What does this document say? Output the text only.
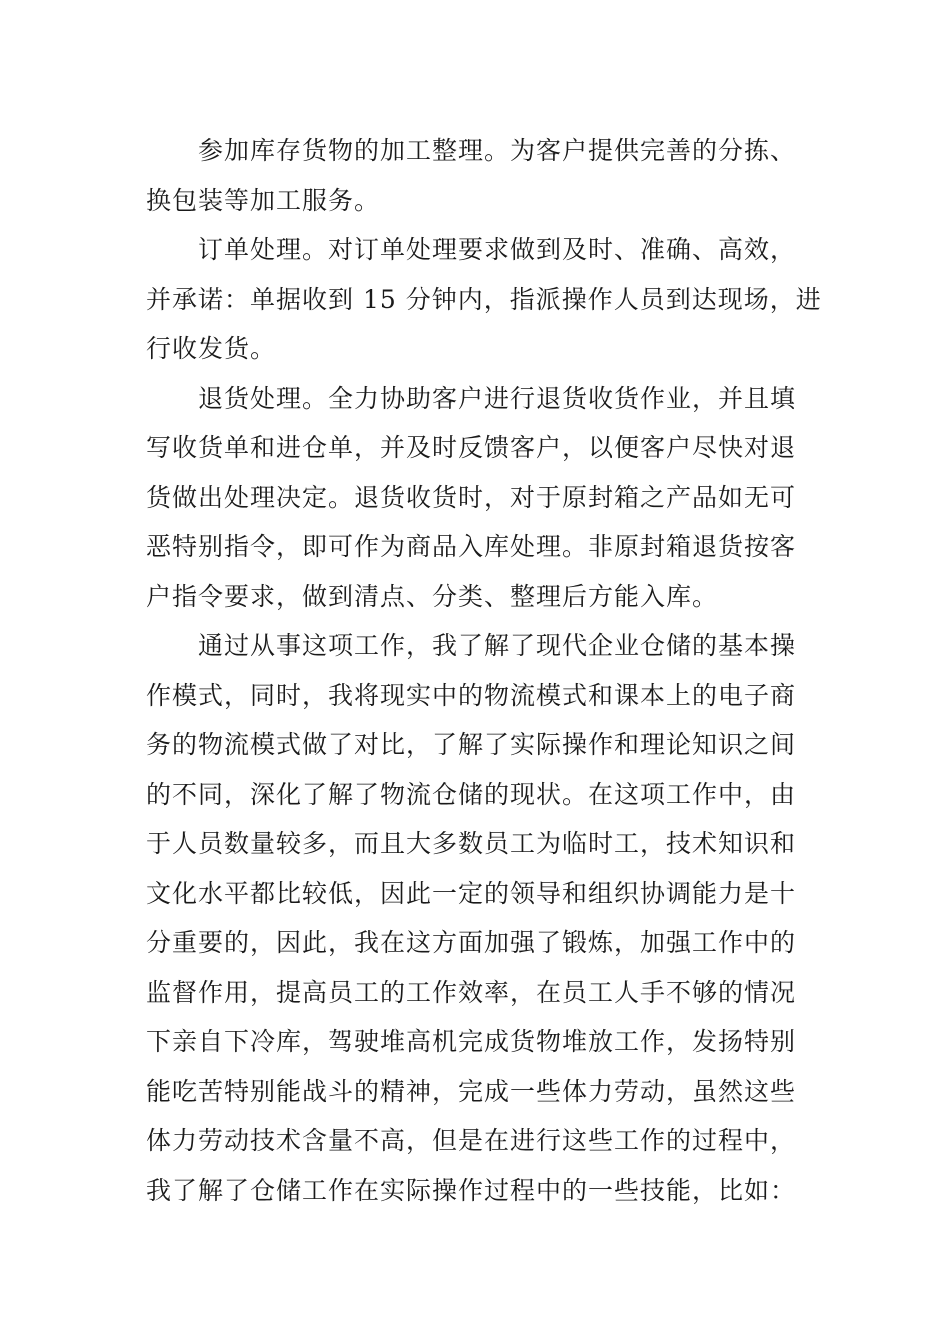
参加库存货物的加工整理。为客户提供完善的分拣、
换包装等加工服务。
订单处理。对订单处理要求做到及时、准确、高效，
并承诺：单据收到 15 分钟内，指派操作人员到达现场，进
行收发货。
退货处理。全力协助客户进行退货收货作业，并且填
写收货单和进仓单，并及时反馈客户，以便客户尽快对退
货做出处理决定。退货收货时，对于原封箱之产品如无可
恶特别指令，即可作为商品入库处理。非原封箱退货按客
户指令要求，做到清点、分类、整理后方能入库。
通过从事这项工作，我了解了现代企业仓储的基本操
作模式，同时，我将现实中的物流模式和课本上的电子商
务的物流模式做了对比，了解了实际操作和理论知识之间
的不同，深化了解了物流仓储的现状。在这项工作中，由
于人员数量较多，而且大多数员工为临时工，技术知识和
文化水平都比较低，因此一定的领导和组织协调能力是十
分重要的，因此，我在这方面加强了锻炼，加强工作中的
监督作用，提高员工的工作效率，在员工人手不够的情况
下亲自下冷库，驾驶堆高机完成货物堆放工作，发扬特别
能吃苦特别能战斗的精神，完成一些体力劳动，虽然这些
体力劳动技术含量不高，但是在进行这些工作的过程中，
我了解了仓储工作在实际操作过程中的一些技能，比如：
